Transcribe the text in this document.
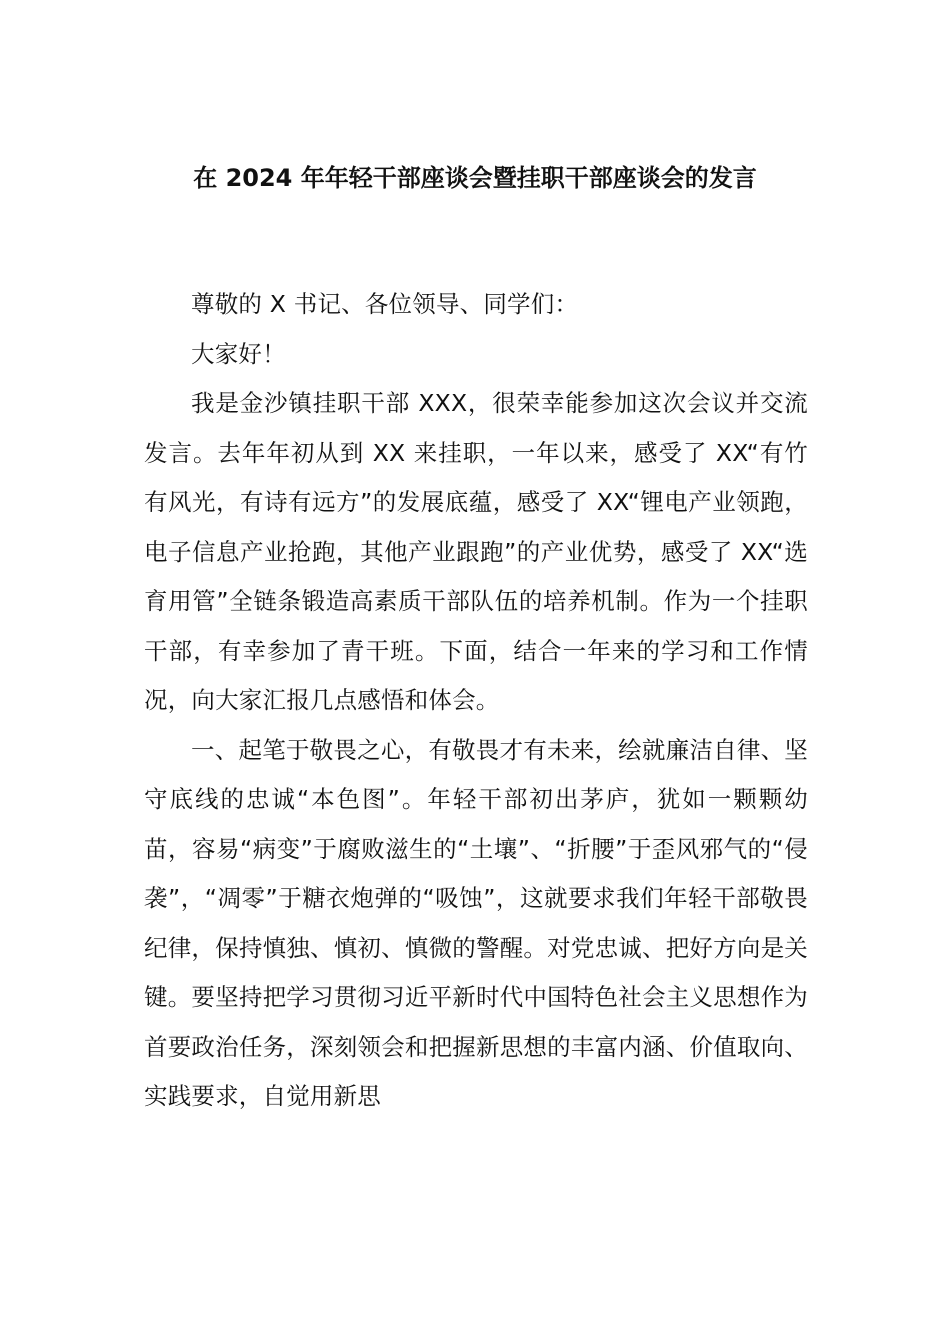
在 2024 年年轻干部座谈会暨挂职干部座谈会的发言

尊敬的 X 书记、各位领导、同学们：

大家好！

我是金沙镇挂职干部 XXX，很荣幸能参加这次会议并交流发言。去年年初从到 XX 来挂职，一年以来，感受了 XX“有竹有风光，有诗有远方”的发展底蕴，感受了 XX“锂电产业领跑，电子信息产业抢跑，其他产业跟跑”的产业优势，感受了 XX“选育用管”全链条锻造高素质干部队伍的培养机制。作为一个挂职干部，有幸参加了青干班。下面，结合一年来的学习和工作情况，向大家汇报几点感悟和体会。

一、起笔于敬畏之心，有敬畏才有未来，绘就廉洁自律、坚守底线的忠诚“本色图”。年轻干部初出茅庐，犹如一颗颗幼苗，容易“病变”于腐败滋生的“土壤”、“折腰”于歪风邪气的“侵袭”，“凋零”于糖衣炮弹的“吸蚀”，这就要求我们年轻干部敬畏纪律，保持慎独、慎初、慎微的警醒。对党忠诚、把好方向是关键。要坚持把学习贯彻习近平新时代中国特色社会主义思想作为首要政治任务，深刻领会和把握新思想的丰富内涵、价值取向、实践要求，自觉用新思
